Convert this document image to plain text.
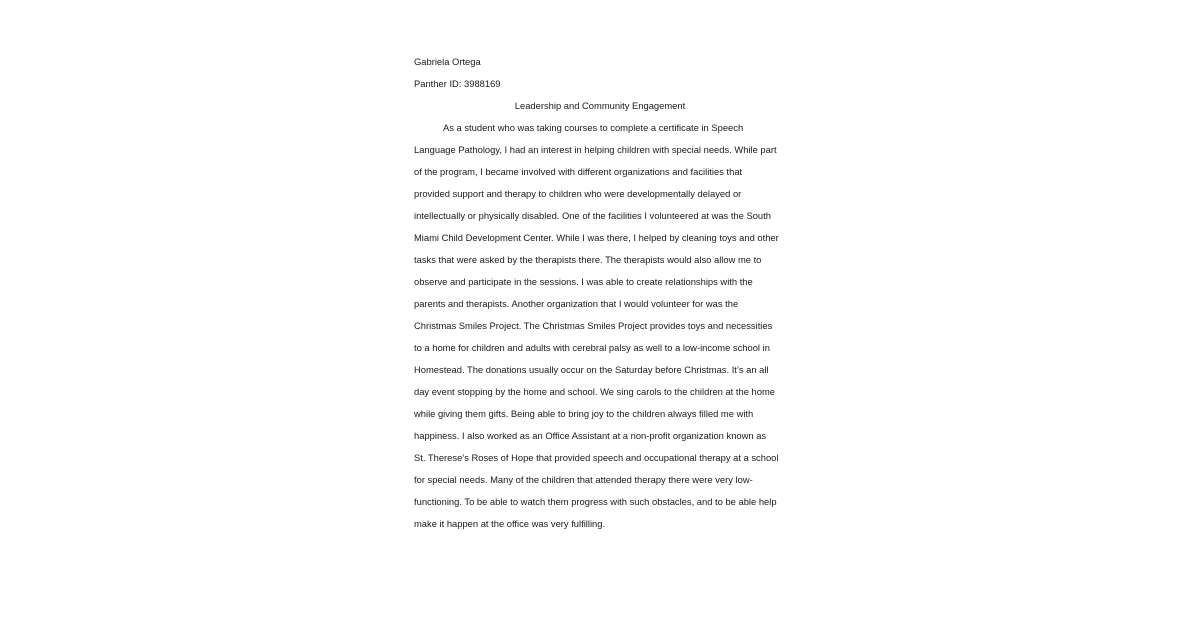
Gabriela Ortega
Panther ID: 3988169
Leadership and Community Engagement
As a student who was taking courses to complete a certificate in Speech
Language Pathology, I had an interest in helping children with special needs. While part
of the program, I became involved with different organizations and facilities that
provided support and therapy to children who were developmentally delayed or
intellectually or physically disabled. One of the facilities I volunteered at was the South
Miami Child Development Center. While I was there, I helped by cleaning toys and other
tasks that were asked by the therapists there. The therapists would also allow me to
observe and participate in the sessions. I was able to create relationships with the
parents and therapists. Another organization that I would volunteer for was the
Christmas Smiles Project. The Christmas Smiles Project provides toys and necessities
to a home for children and adults with cerebral palsy as well to a low-income school in
Homestead. The donations usually occur on the Saturday before Christmas. It’s an all
day event stopping by the home and school. We sing carols to the children at the home
while giving them gifts. Being able to bring joy to the children always filled me with
happiness. I also worked as an Office Assistant at a non-profit organization known as
St. Therese’s Roses of Hope that provided speech and occupational therapy at a school
for special needs. Many of the children that attended therapy there were very low-
functioning. To be able to watch them progress with such obstacles, and to be able help
make it happen at the office was very fulfilling.
